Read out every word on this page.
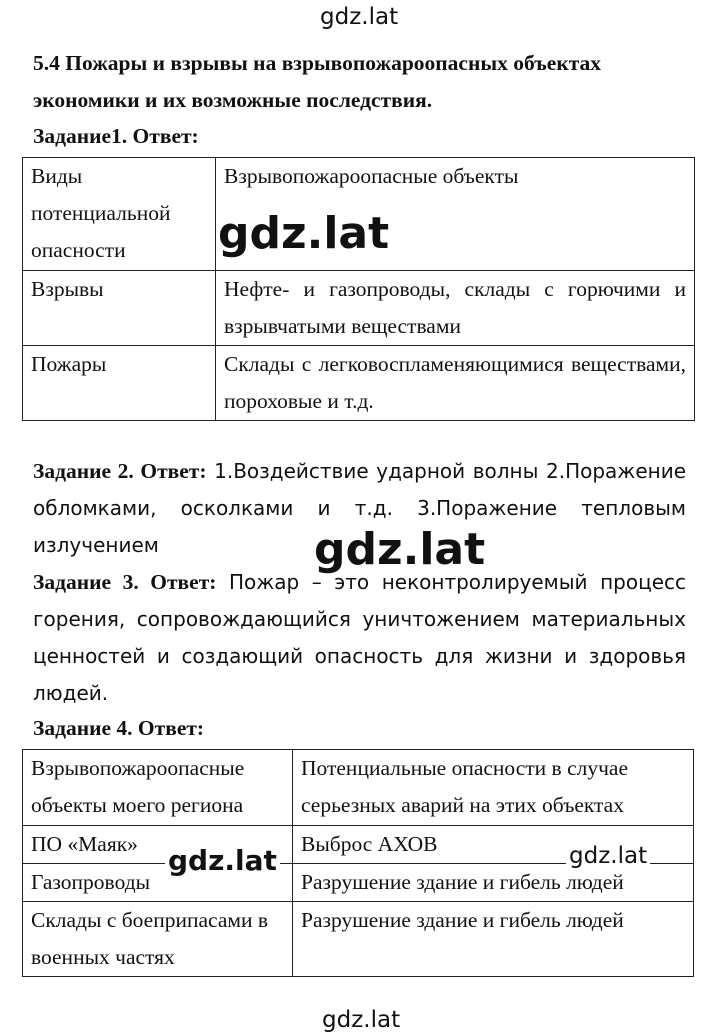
gdz.lat
5.4 Пожары и взрывы на взрывопожароопасных объектах
экономики и их возможные последствия.
Задание1. Ответ:
Виды потенциальной опасности	Взрывопожароопасные объекты
Взрывы	Нефте- и газопроводы, склады с горючими и взрывчатыми веществами
Пожары	Склады с легковоспламеняющимися веществами, пороховые и т.д.
gdz.lat
Задание 2. Ответ: 1.Воздействие ударной волны 2.Поражение обломками, осколками и т.д. 3.Поражение тепловым излучением	gdz.lat
Задание 3. Ответ: Пожар – это неконтролируемый процесс горения, сопровождающийся уничтожением материальных ценностей и создающий опасность для жизни и здоровья людей.
Задание 4. Ответ:
Взрывопожароопасные объекты моего региона	Потенциальные опасности в случае серьезных аварий на этих объектах
ПО «Маяк»	Выброс АХОВ
Газопроводы	Разрушение здание и гибель людей
Склады с боеприпасами в военных частях	Разрушение здание и гибель людей
gdz.lat	gdz.lat
gdz.lat
